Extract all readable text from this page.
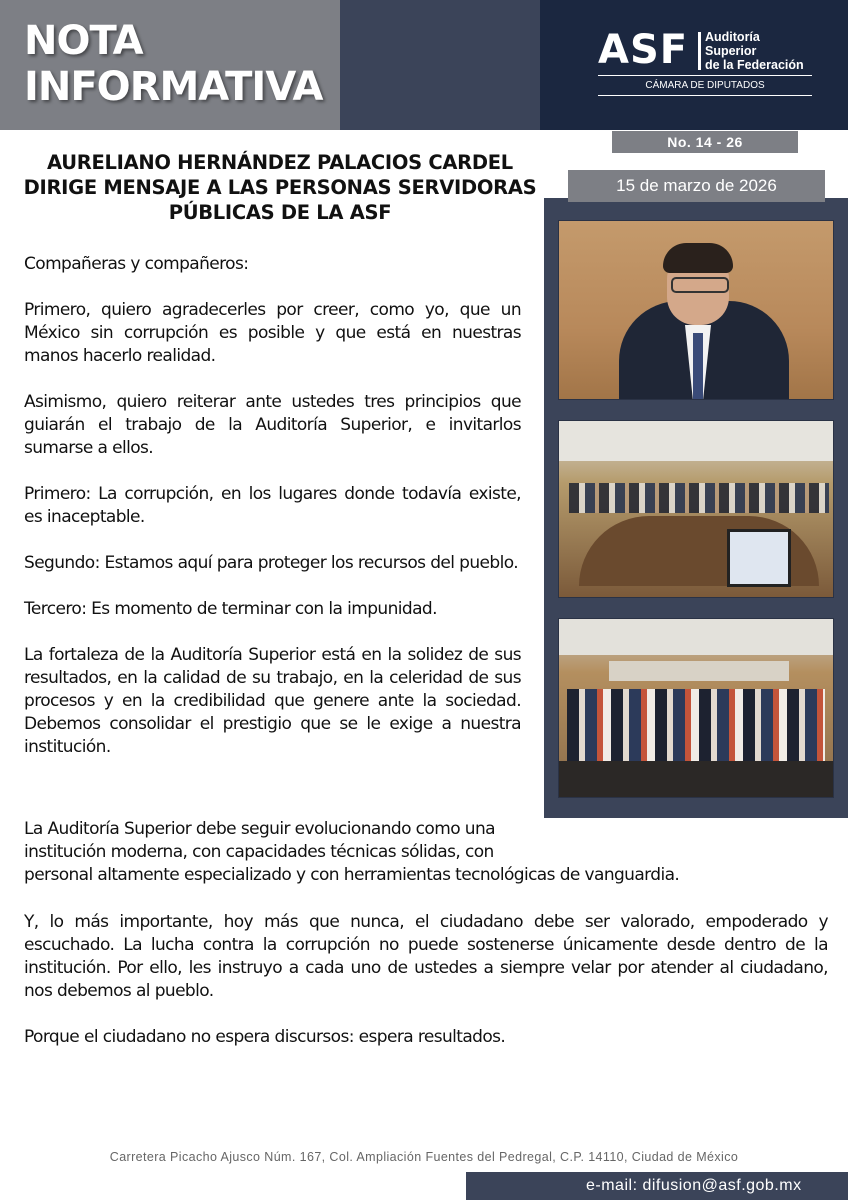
NOTA
INFORMATIVA
ASF Auditoría
Superior
de la Federación
CÁMARA DE DIPUTADOS
AURELIANO HERNÁNDEZ PALACIOS CARDEL DIRIGE MENSAJE A LAS PERSONAS SERVIDORAS PÚBLICAS DE LA ASF
No. 14 - 26
15 de marzo de 2026

Compañeras y compañeros:

Primero, quiero agradecerles por creer, como yo, que un México sin corrupción es posible y que está en nuestras manos hacerlo realidad.

Asimismo, quiero reiterar ante ustedes tres principios que guiarán el trabajo de la Auditoría Superior, e invitarlos sumarse a ellos.

Primero: La corrupción, en los lugares donde todavía existe, es inaceptable.

Segundo: Estamos aquí para proteger los recursos del pueblo.

Tercero: Es momento de terminar con la impunidad.

La fortaleza de la Auditoría Superior está en la solidez de sus resultados, en la calidad de su trabajo, en la celeridad de sus procesos y en la credibilidad que genere ante la sociedad. Debemos consolidar el prestigio que se le exige a nuestra institución.

La Auditoría Superior debe seguir evolucionando como una
institución moderna, con capacidades técnicas sólidas, con
personal altamente especializado y con herramientas tecnológicas de vanguardia.

Y, lo más importante, hoy más que nunca, el ciudadano debe ser valorado, empoderado y escuchado. La lucha contra la corrupción no puede sostenerse únicamente desde dentro de la institución. Por ello, les instruyo a cada uno de ustedes a siempre velar por atender al ciudadano, nos debemos al pueblo.

Porque el ciudadano no espera discursos: espera resultados.

Carretera Picacho Ajusco Núm. 167, Col. Ampliación Fuentes del Pedregal, C.P. 14110, Ciudad de México
e-mail: difusion@asf.gob.mx
